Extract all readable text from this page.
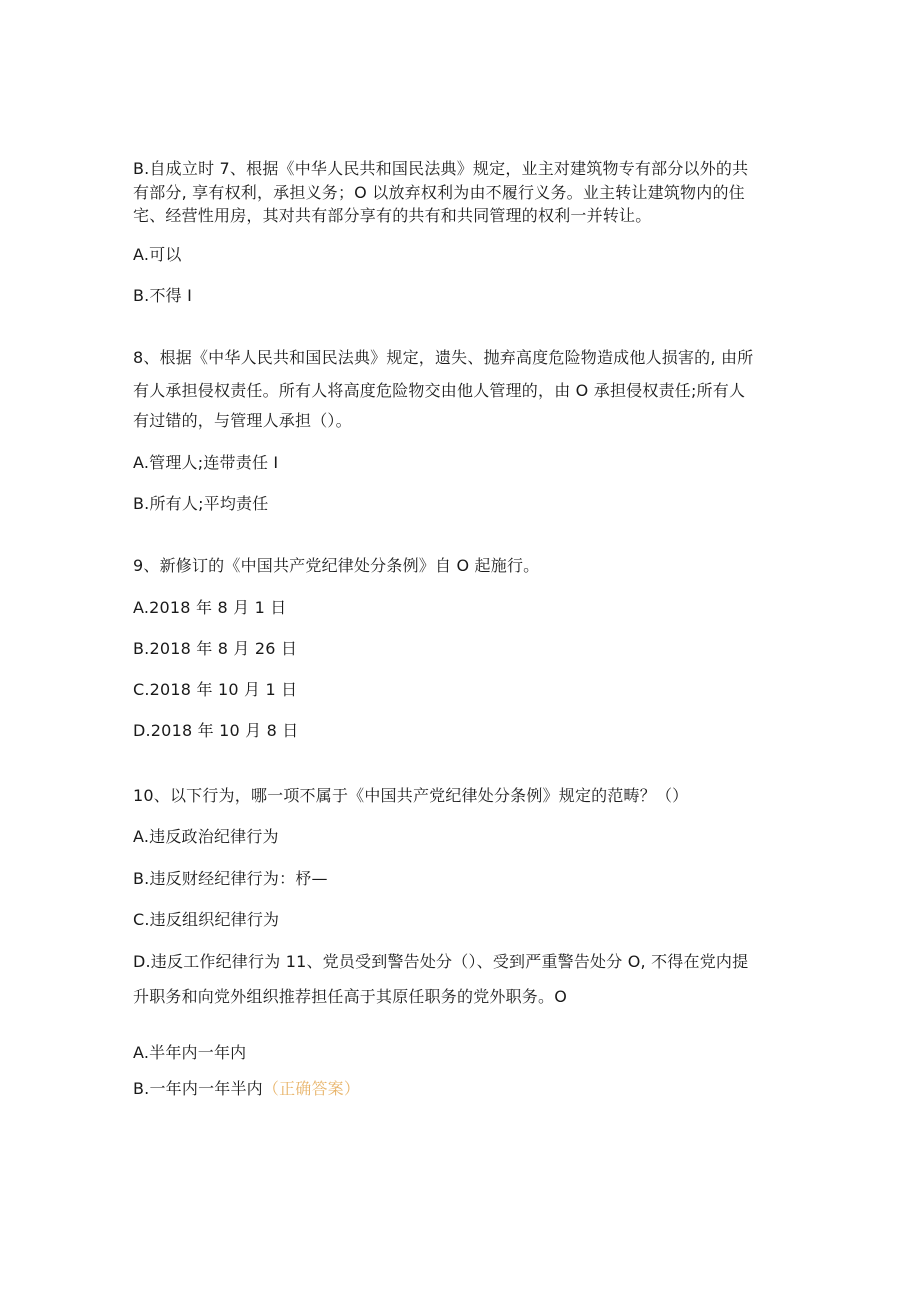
B.自成立时 7、根据《中华人民共和国民法典》规定，业主对建筑物专有部分以外的共
有部分, 享有权利，承担义务；O 以放弃权利为由不履行义务。业主转让建筑物内的住
宅、经营性用房，其对共有部分享有的共有和共同管理的权利一并转让。
A.可以
B.不得 I
8、根据《中华人民共和国民法典》规定，遗失、抛弃高度危险物造成他人损害的, 由所
有人承担侵权责任。所有人将高度危险物交由他人管理的，由 O 承担侵权责任;所有人
有过错的，与管理人承担（）。
A.管理人;连带责任 I
B.所有人;平均责任
9、新修订的《中国共产党纪律处分条例》自 O 起施行。
A.2018 年 8 月 1 日
B.2018 年 8 月 26 日
C.2018 年 10 月 1 日
D.2018 年 10 月 8 日
10、以下行为，哪一项不属于《中国共产党纪律处分条例》规定的范畴？（）
A.违反政治纪律行为
B.违反财经纪律行为：杼—
C.违反组织纪律行为
D.违反工作纪律行为 11、党员受到警告处分（）、受到严重警告处分 O, 不得在党内提
升职务和向党外组织推荐担任高于其原任职务的党外职务。O
A.半年内一年内
B.一年内一年半内（正确答案）
